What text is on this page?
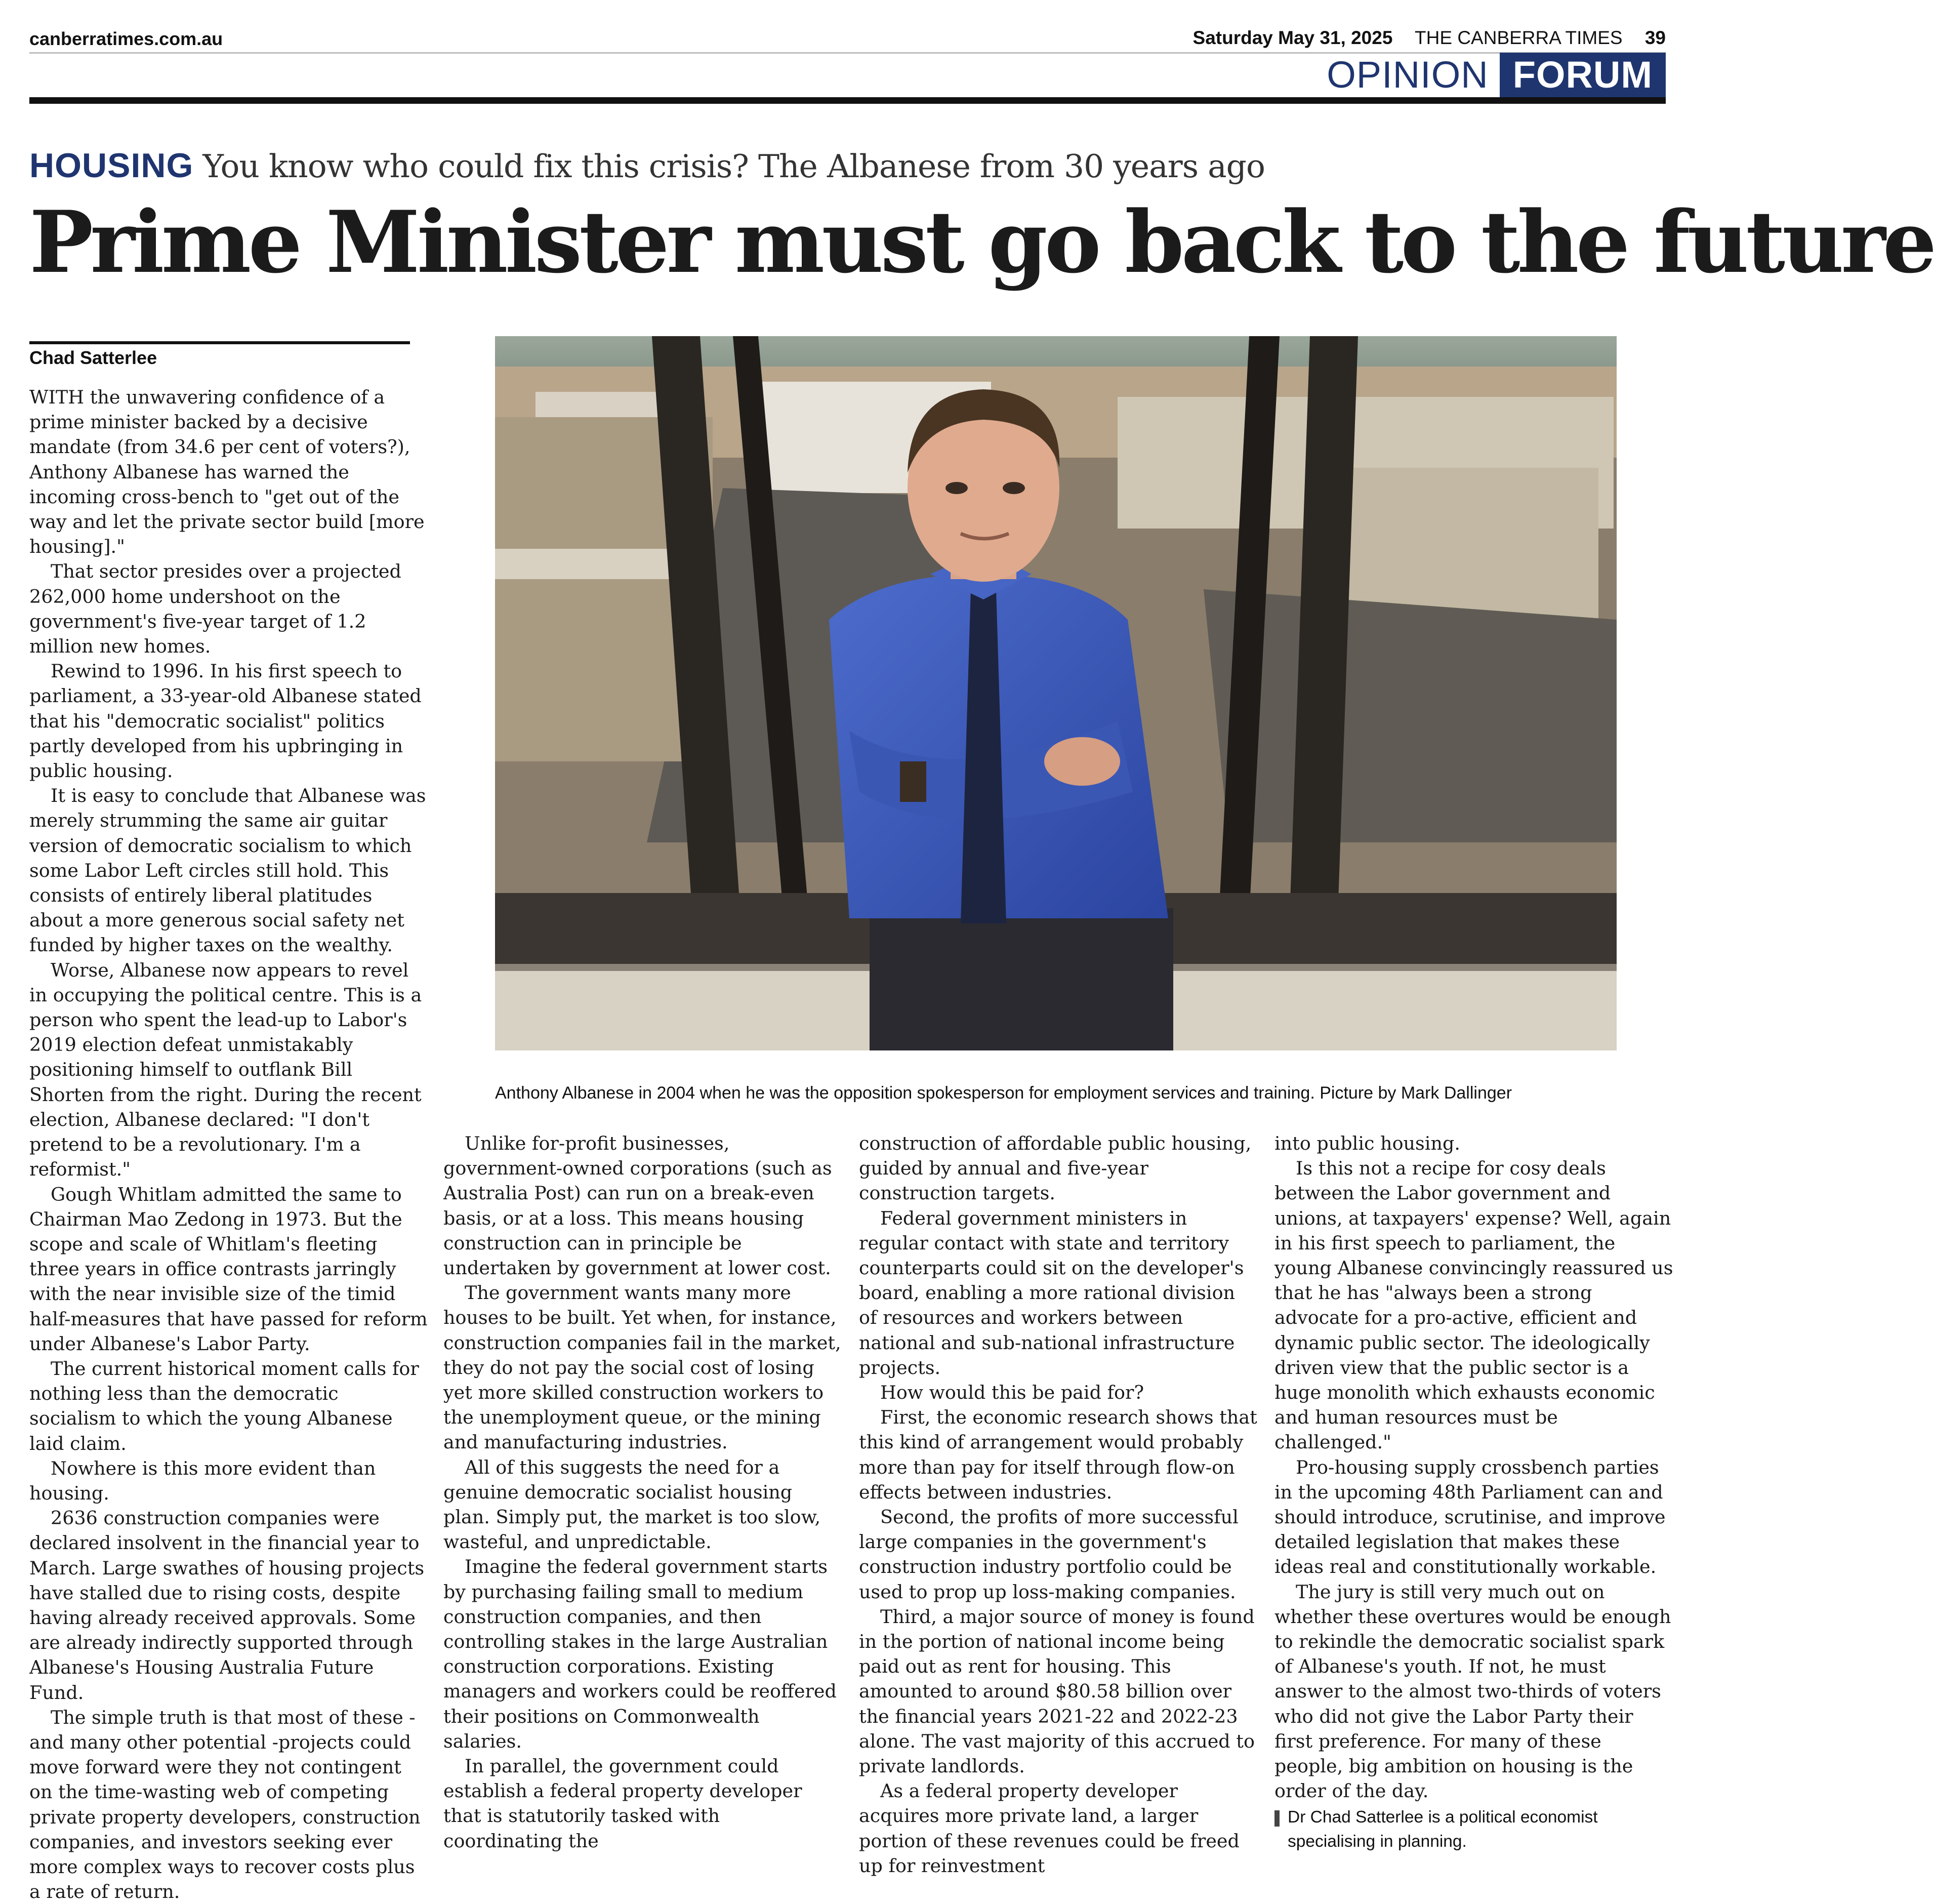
canberratimes.com.au	Saturday May 31, 2025 THE CANBERRA TIMES 39
OPINION FORUM
HOUSING You know who could fix this crisis? The Albanese from 30 years ago
Prime Minister must go back to the future
Chad Satterlee
Anthony Albanese in 2004 when he was the opposition spokesperson for employment services and training. Picture by Mark Dallinger

WITH the unwavering confidence of a prime minister backed by a decisive mandate (from 34.6 per cent of voters?), Anthony Albanese has warned the incoming cross-bench to "get out of the way and let the private sector build [more housing]."

That sector presides over a projected 262,000 home undershoot on the government's five-year target of 1.2 million new homes.

Rewind to 1996. In his first speech to parliament, a 33-year-old Albanese stated that his "democratic socialist" politics partly developed from his upbringing in public housing.

It is easy to conclude that Albanese was merely strumming the same air guitar version of democratic socialism to which some Labor Left circles still hold. This consists of entirely liberal platitudes about a more generous social safety net funded by higher taxes on the wealthy.

Worse, Albanese now appears to revel in occupying the political centre. This is a person who spent the lead-up to Labor's 2019 election defeat unmistakably positioning himself to outflank Bill Shorten from the right. During the recent election, Albanese declared: "I don't pretend to be a revolutionary. I'm a reformist."

Gough Whitlam admitted the same to Chairman Mao Zedong in 1973. But the scope and scale of Whitlam's fleeting three years in office contrasts jarringly with the near invisible size of the timid half-measures that have passed for reform under Albanese's Labor Party.

The current historical moment calls for nothing less than the democratic socialism to which the young Albanese laid claim.

Nowhere is this more evident than housing.

2636 construction companies were declared insolvent in the financial year to March. Large swathes of housing projects have stalled due to rising costs, despite having already received approvals. Some are already indirectly supported through Albanese's Housing Australia Future Fund.

The simple truth is that most of these - and many other potential -projects could move forward were they not contingent on the time-wasting web of competing private property developers, construction companies, and investors seeking ever more complex ways to recover costs plus a rate of return.

Unlike for-profit businesses, government-owned corporations (such as Australia Post) can run on a break-even basis, or at a loss. This means housing construction can in principle be undertaken by government at lower cost.

The government wants many more houses to be built. Yet when, for instance, construction companies fail in the market, they do not pay the social cost of losing yet more skilled construction workers to the unemployment queue, or the mining and manufacturing industries.

All of this suggests the need for a genuine democratic socialist housing plan. Simply put, the market is too slow, wasteful, and unpredictable.

Imagine the federal government starts by purchasing failing small to medium construction companies, and then controlling stakes in the large Australian construction corporations. Existing managers and workers could be reoffered their positions on Commonwealth salaries.

In parallel, the government could establish a federal property developer that is statutorily tasked with coordinating the

construction of affordable public housing, guided by annual and five-year construction targets.

Federal government ministers in regular contact with state and territory counterparts could sit on the developer's board, enabling a more rational division of resources and workers between national and sub-national infrastructure projects.

How would this be paid for?

First, the economic research shows that this kind of arrangement would probably more than pay for itself through flow-on effects between industries.

Second, the profits of more successful large companies in the government's construction industry portfolio could be used to prop up loss-making companies.

Third, a major source of money is found in the portion of national income being paid out as rent for housing. This amounted to around $80.58 billion over the financial years 2021-22 and 2022-23 alone. The vast majority of this accrued to private landlords.

As a federal property developer acquires more private land, a larger portion of these revenues could be freed up for reinvestment

into public housing.

Is this not a recipe for cosy deals between the Labor government and unions, at taxpayers' expense? Well, again in his first speech to parliament, the young Albanese convincingly reassured us that he has "always been a strong advocate for a pro-active, efficient and dynamic public sector. The ideologically driven view that the public sector is a huge monolith which exhausts economic and human resources must be challenged."

Pro-housing supply crossbench parties in the upcoming 48th Parliament can and should introduce, scrutinise, and improve detailed legislation that makes these ideas real and constitutionally workable.

The jury is still very much out on whether these overtures would be enough to rekindle the democratic socialist spark of Albanese's youth. If not, he must answer to the almost two-thirds of voters who did not give the Labor Party their first preference. For many of these people, big ambition on housing is the order of the day.

Dr Chad Satterlee is a political economist specialising in planning.
